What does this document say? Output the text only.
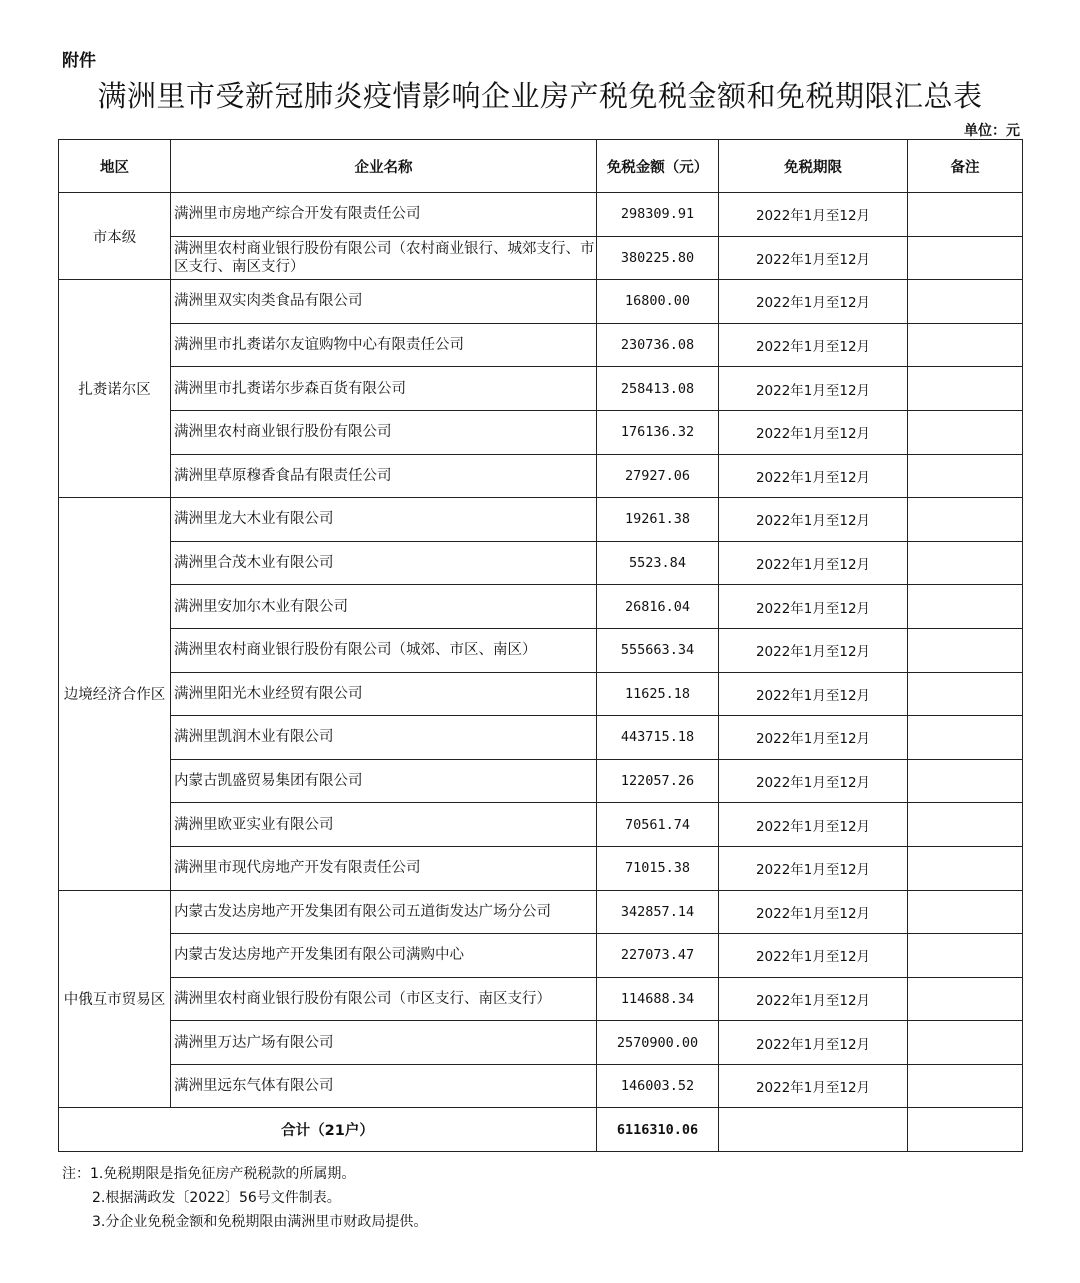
附件
满洲里市受新冠肺炎疫情影响企业房产税免税金额和免税期限汇总表
单位：元
地区	企业名称	免税金额（元）	免税期限	备注
市本级	满洲里市房地产综合开发有限责任公司	298309.91	2022年1月至12月	
	满洲里农村商业银行股份有限公司（农村商业银行、城郊支行、市区支行、南区支行）	380225.80	2022年1月至12月	
扎赉诺尔区	满洲里双实肉类食品有限公司	16800.00	2022年1月至12月	
	满洲里市扎赉诺尔友谊购物中心有限责任公司	230736.08	2022年1月至12月	
	满洲里市扎赉诺尔步森百货有限公司	258413.08	2022年1月至12月	
	满洲里农村商业银行股份有限公司	176136.32	2022年1月至12月	
	满洲里草原穆香食品有限责任公司	27927.06	2022年1月至12月	
边境经济合作区	满洲里龙大木业有限公司	19261.38	2022年1月至12月	
	满洲里合茂木业有限公司	5523.84	2022年1月至12月	
	满洲里安加尔木业有限公司	26816.04	2022年1月至12月	
	满洲里农村商业银行股份有限公司（城郊、市区、南区）	555663.34	2022年1月至12月	
	满洲里阳光木业经贸有限公司	11625.18	2022年1月至12月	
	满洲里凯润木业有限公司	443715.18	2022年1月至12月	
	内蒙古凯盛贸易集团有限公司	122057.26	2022年1月至12月	
	满洲里欧亚实业有限公司	70561.74	2022年1月至12月	
	满洲里市现代房地产开发有限责任公司	71015.38	2022年1月至12月	
中俄互市贸易区	内蒙古发达房地产开发集团有限公司五道街发达广场分公司	342857.14	2022年1月至12月	
	内蒙古发达房地产开发集团有限公司满购中心	227073.47	2022年1月至12月	
	满洲里农村商业银行股份有限公司（市区支行、南区支行）	114688.34	2022年1月至12月	
	满洲里万达广场有限公司	2570900.00	2022年1月至12月	
	满洲里远东气体有限公司	146003.52	2022年1月至12月	
合计（21户）		6116310.06		
注：1.免税期限是指免征房产税税款的所属期。
2.根据满政发〔2022〕56号文件制表。
3.分企业免税金额和免税期限由满洲里市财政局提供。
